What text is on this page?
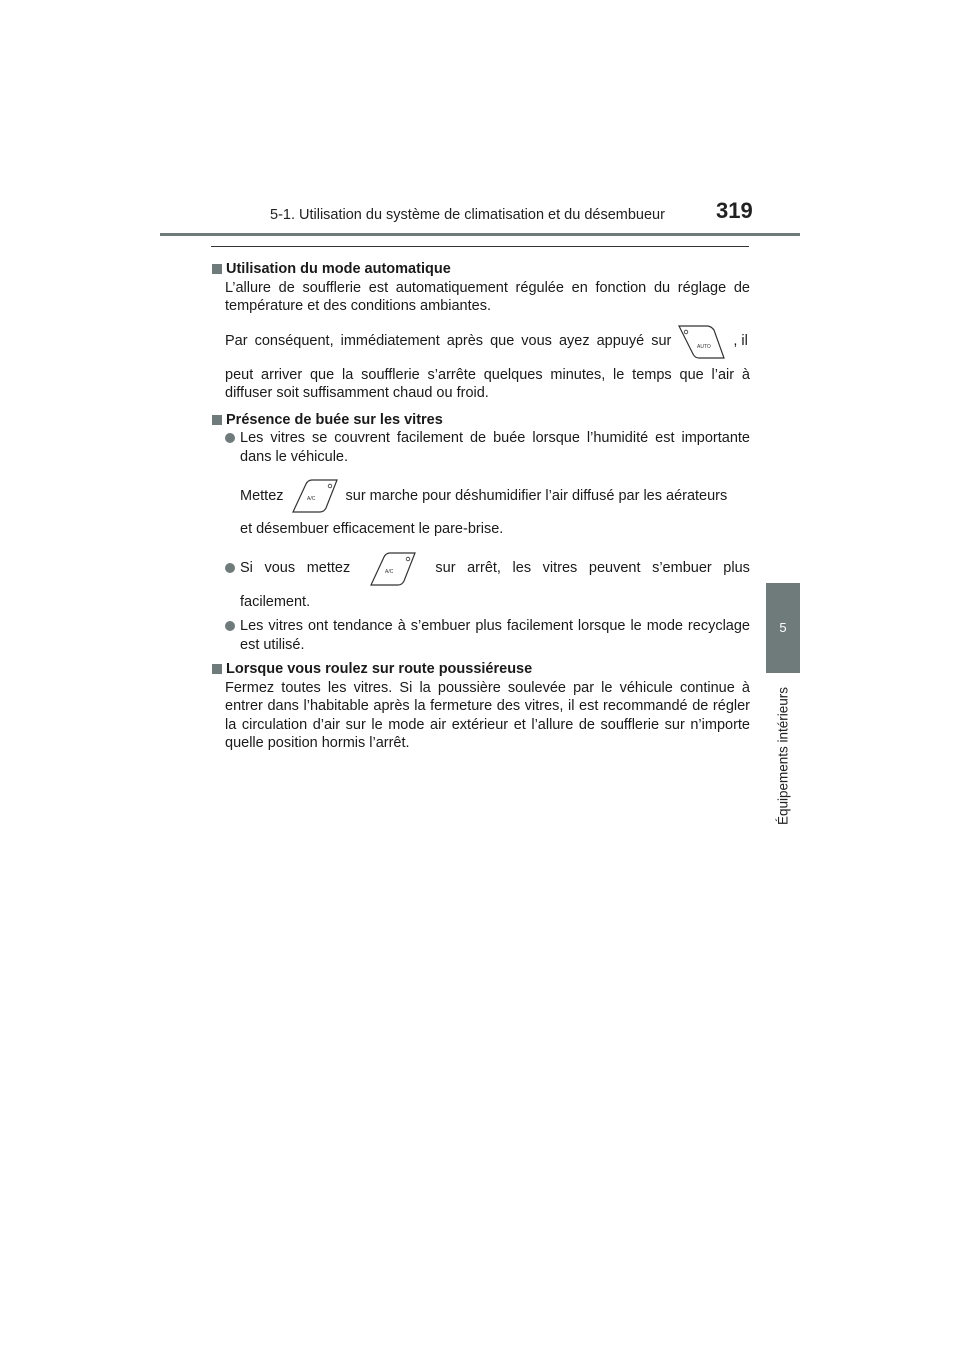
5-1. Utilisation du système de climatisation et du désembueur 319
5
Équipements intérieurs
Utilisation du mode automatique

L’allure de soufflerie est automatiquement régulée en fonction du réglage de température et des conditions ambiantes.

Par conséquent, immédiatement après que vous ayez appuyé sur	AUTO , il
peut arriver que la soufflerie s’arrête quelques minutes, le temps que l’air à diffuser soit suffisamment chaud ou froid.
Présence de buée sur les vitres
Les vitres se couvrent facilement de buée lorsque l’humidité est importante dans le véhicule.
Mettez	A/C sur marche pour déshumidifier l’air diffusé par les aérateurs
et désembuer efficacement le pare-brise.
Si vous mettez	A/C	sur arrêt, les vitres peuvent s’embuer plus
facilement.
Les vitres ont tendance à s’embuer plus facilement lorsque le mode recyclage est utilisé.
Lorsque vous roulez sur route poussiéreuse

Fermez toutes les vitres. Si la poussière soulevée par le véhicule continue à entrer dans l’habitable après la fermeture des vitres, il est recommandé de régler la circulation d’air sur le mode air extérieur et l’allure de soufflerie sur n’importe quelle position hormis l’arrêt.
